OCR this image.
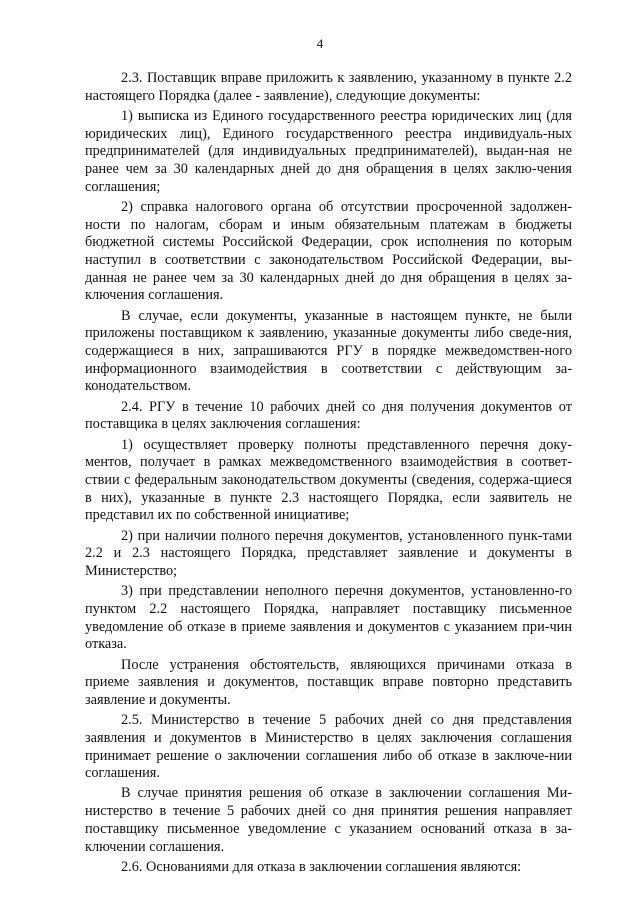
4

2.3. Поставщик вправе приложить к заявлению, указанному в пункте 2.2 настоящего Порядка (далее - заявление), следующие документы:

1) выписка из Единого государственного реестра юридических лиц (для юридических лиц), Единого государственного реестра индивидуаль-ных предпринимателей (для индивидуальных предпринимателей), выдан-ная не ранее чем за 30 календарных дней до дня обращения в целях заклю-чения соглашения;

2) справка налогового органа об отсутствии просроченной задолжен-ности по налогам, сборам и иным обязательным платежам в бюджеты бюджетной системы Российской Федерации, срок исполнения по которым наступил в соответствии с законодательством Российской Федерации, вы-данная не ранее чем за 30 календарных дней до дня обращения в целях за-ключения соглашения.

В случае, если документы, указанные в настоящем пункте, не были приложены поставщиком к заявлению, указанные документы либо сведе-ния, содержащиеся в них, запрашиваются РГУ в порядке межведомствен-ного информационного взаимодействия в соответствии с действующим за-конодательством.

2.4. РГУ в течение 10 рабочих дней со дня получения документов от поставщика в целях заключения соглашения:

1) осуществляет проверку полноты представленного перечня доку-ментов, получает в рамках межведомственного взаимодействия в соответ-ствии с федеральным законодательством документы (сведения, содержа-щиеся в них), указанные в пункте 2.3 настоящего Порядка, если заявитель не представил их по собственной инициативе;

2) при наличии полного перечня документов, установленного пунк-тами 2.2 и 2.3 настоящего Порядка, представляет заявление и документы в Министерство;

3) при представлении неполного перечня документов, установленно-го пунктом 2.2 настоящего Порядка, направляет поставщику письменное уведомление об отказе в приеме заявления и документов с указанием при-чин отказа.

После устранения обстоятельств, являющихся причинами отказа в приеме заявления и документов, поставщик вправе повторно представить заявление и документы.

2.5. Министерство в течение 5 рабочих дней со дня представления заявления и документов в Министерство в целях заключения соглашения принимает решение о заключении соглашения либо об отказе в заключе-нии соглашения.

В случае принятия решения об отказе в заключении соглашения Ми-нистерство в течение 5 рабочих дней со дня принятия решения направляет поставщику письменное уведомление с указанием оснований отказа в за-ключении соглашения.

2.6. Основаниями для отказа в заключении соглашения являются:
